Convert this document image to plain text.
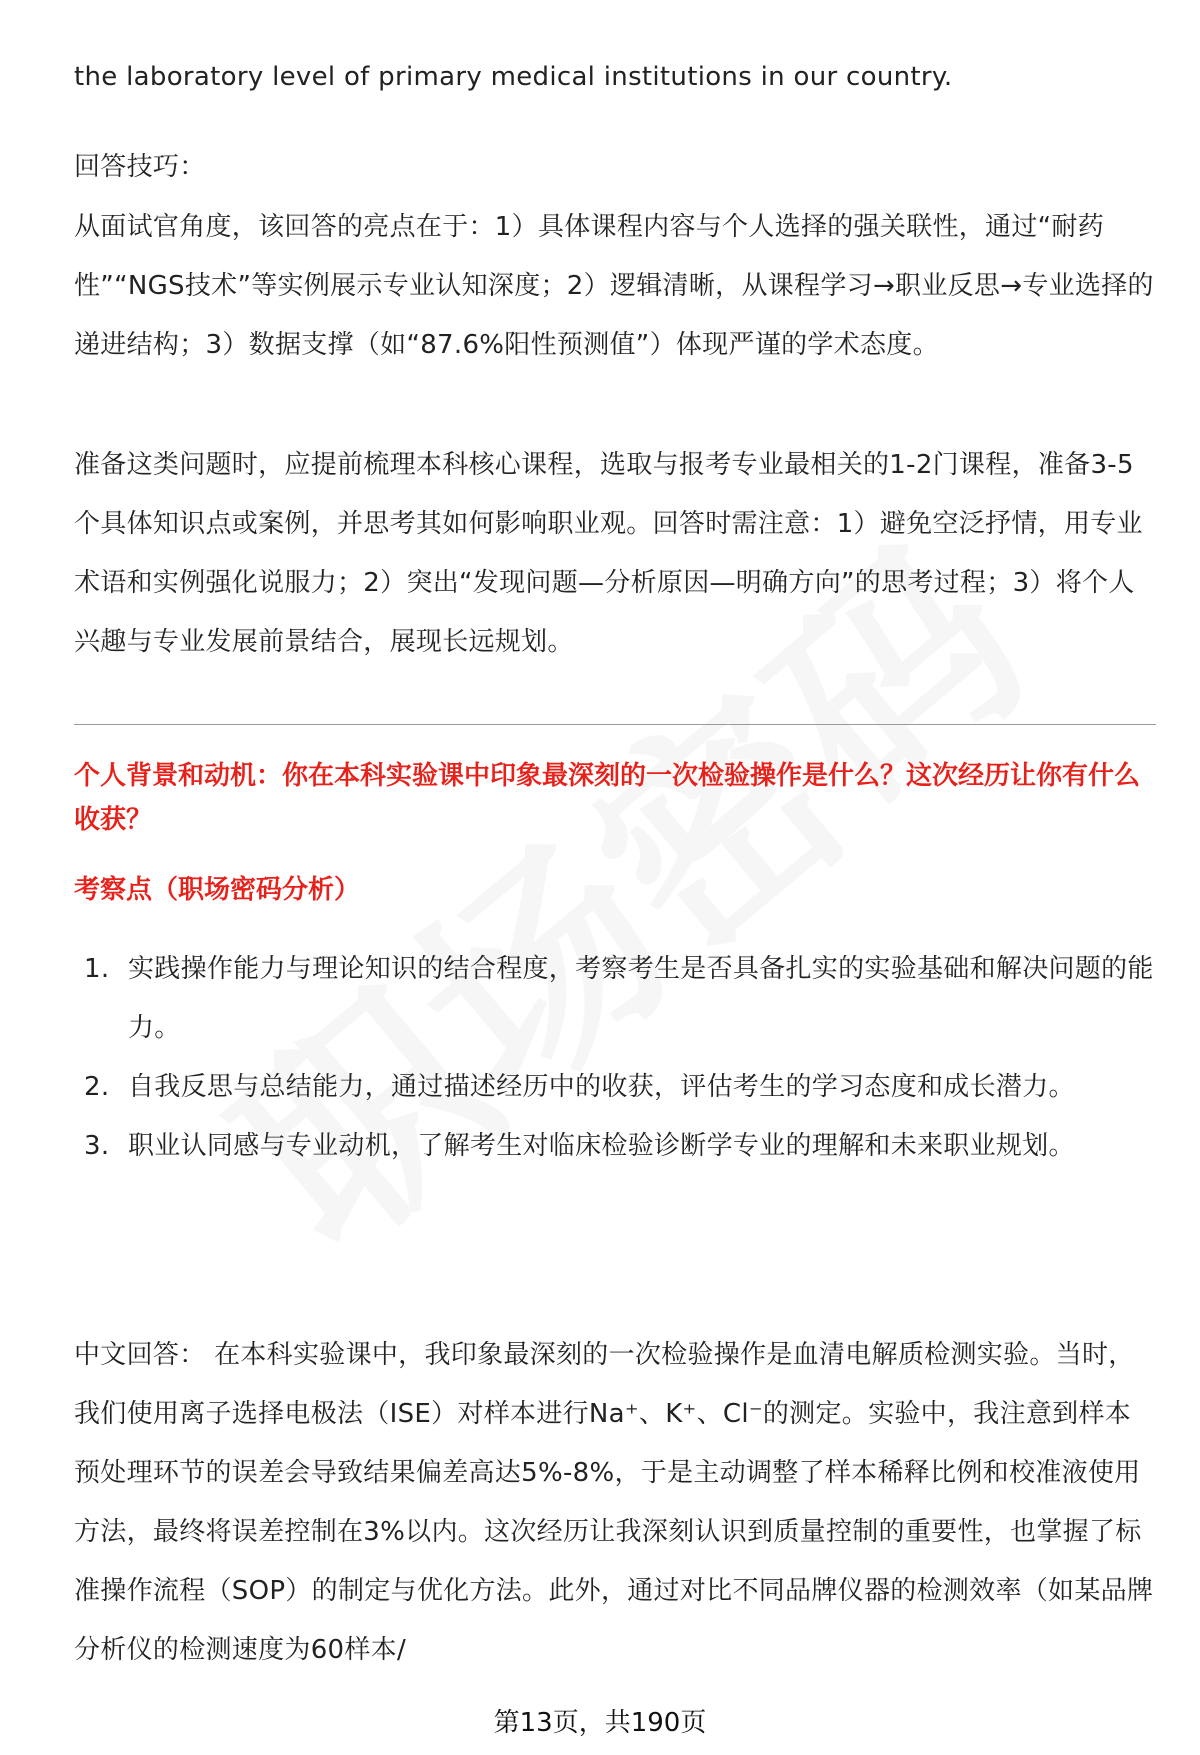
the laboratory level of primary medical institutions in our country.

回答技巧：

从面试官角度，该回答的亮点在于：1）具体课程内容与个人选择的强关联性，通过“耐药性”“NGS技术”等实例展示专业认知深度；2）逻辑清晰，从课程学习→职业反思→专业选择的递进结构；3）数据支撑（如“87.6%阳性预测值”）体现严谨的学术态度。

准备这类问题时，应提前梳理本科核心课程，选取与报考专业最相关的1-2门课程，准备3-5个具体知识点或案例，并思考其如何影响职业观。回答时需注意：1）避免空泛抒情，用专业术语和实例强化说服力；2）突出“发现问题—分析原因—明确方向”的思考过程；3）将个人兴趣与专业发展前景结合，展现长远规划。

个人背景和动机：你在本科实验课中印象最深刻的一次检验操作是什么？这次经历让你有什么收获？

考察点（职场密码分析）

1. 实践操作能力与理论知识的结合程度，考察考生是否具备扎实的实验基础和解决问题的能力。
2. 自我反思与总结能力，通过描述经历中的收获，评估考生的学习态度和成长潜力。
3. 职业认同感与专业动机，了解考生对临床检验诊断学专业的理解和未来职业规划。

中文回答： 在本科实验课中，我印象最深刻的一次检验操作是血清电解质检测实验。当时，我们使用离子选择电极法（ISE）对样本进行Na⁺、K⁺、Cl⁻的测定。实验中，我注意到样本预处理环节的误差会导致结果偏差高达5%-8%，于是主动调整了样本稀释比例和校准液使用方法，最终将误差控制在3%以内。这次经历让我深刻认识到质量控制的重要性，也掌握了标准操作流程（SOP）的制定与优化方法。此外，通过对比不同品牌仪器的检测效率（如某品牌分析仪的检测速度为60样本/

第13页，共190页
